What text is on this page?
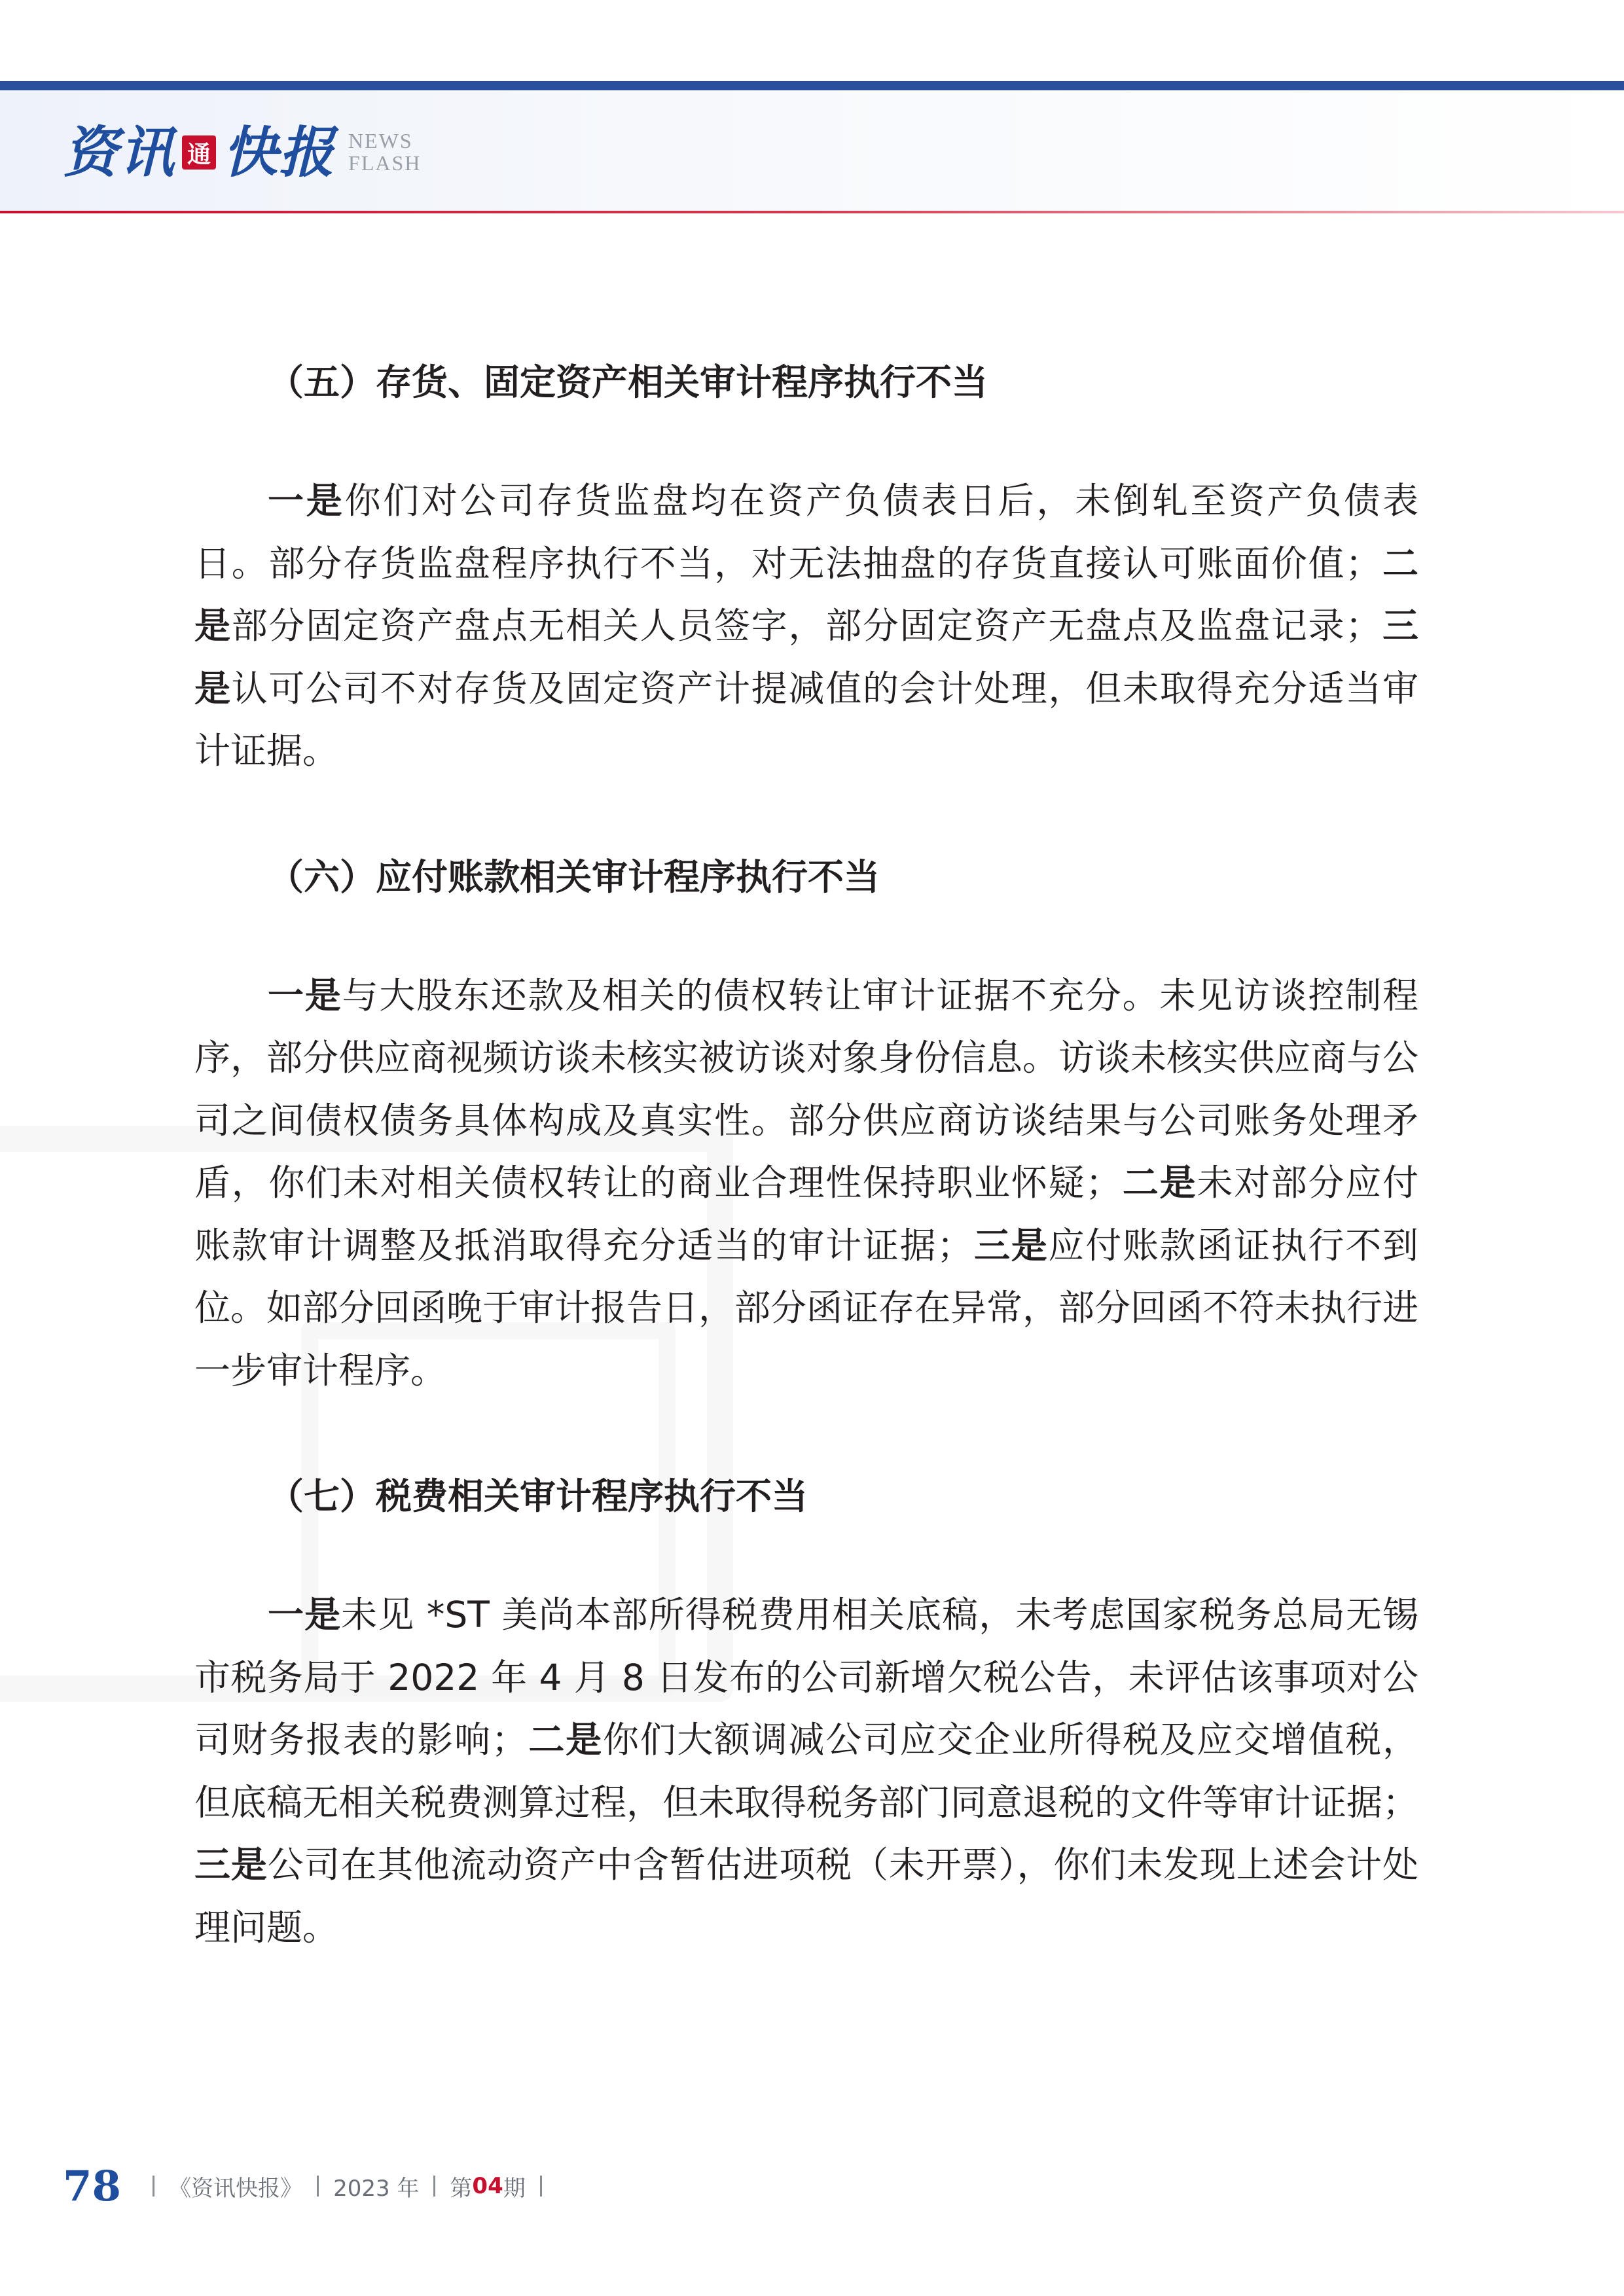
资讯 通 快报 NEWS
FLASH
（五）存货、固定资产相关审计程序执行不当

一是你们对公司存货监盘均在资产负债表日后，未倒轧至资产负债表日。部分存货监盘程序执行不当，对无法抽盘的存货直接认可账面价值；二是部分固定资产盘点无相关人员签字，部分固定资产无盘点及监盘记录；三是认可公司不对存货及固定资产计提减值的会计处理，但未取得充分适当审计证据。

（六）应付账款相关审计程序执行不当

一是与大股东还款及相关的债权转让审计证据不充分。未见访谈控制程序，部分供应商视频访谈未核实被访谈对象身份信息。访谈未核实供应商与公司之间债权债务具体构成及真实性。部分供应商访谈结果与公司账务处理矛盾，你们未对相关债权转让的商业合理性保持职业怀疑；二是未对部分应付账款审计调整及抵消取得充分适当的审计证据；三是应付账款函证执行不到位。如部分回函晚于审计报告日，部分函证存在异常，部分回函不符未执行进一步审计程序。

（七）税费相关审计程序执行不当

一是未见 *ST 美尚本部所得税费用相关底稿，未考虑国家税务总局无锡市税务局于 2022 年 4 月 8 日发布的公司新增欠税公告，未评估该事项对公司财务报表的影响；二是你们大额调减公司应交企业所得税及应交增值税，但底稿无相关税费测算过程，但未取得税务部门同意退税的文件等审计证据；三是公司在其他流动资产中含暂估进项税（未开票），你们未发现上述会计处理问题。

78 《资讯快报》 2023 年 第 04 期
